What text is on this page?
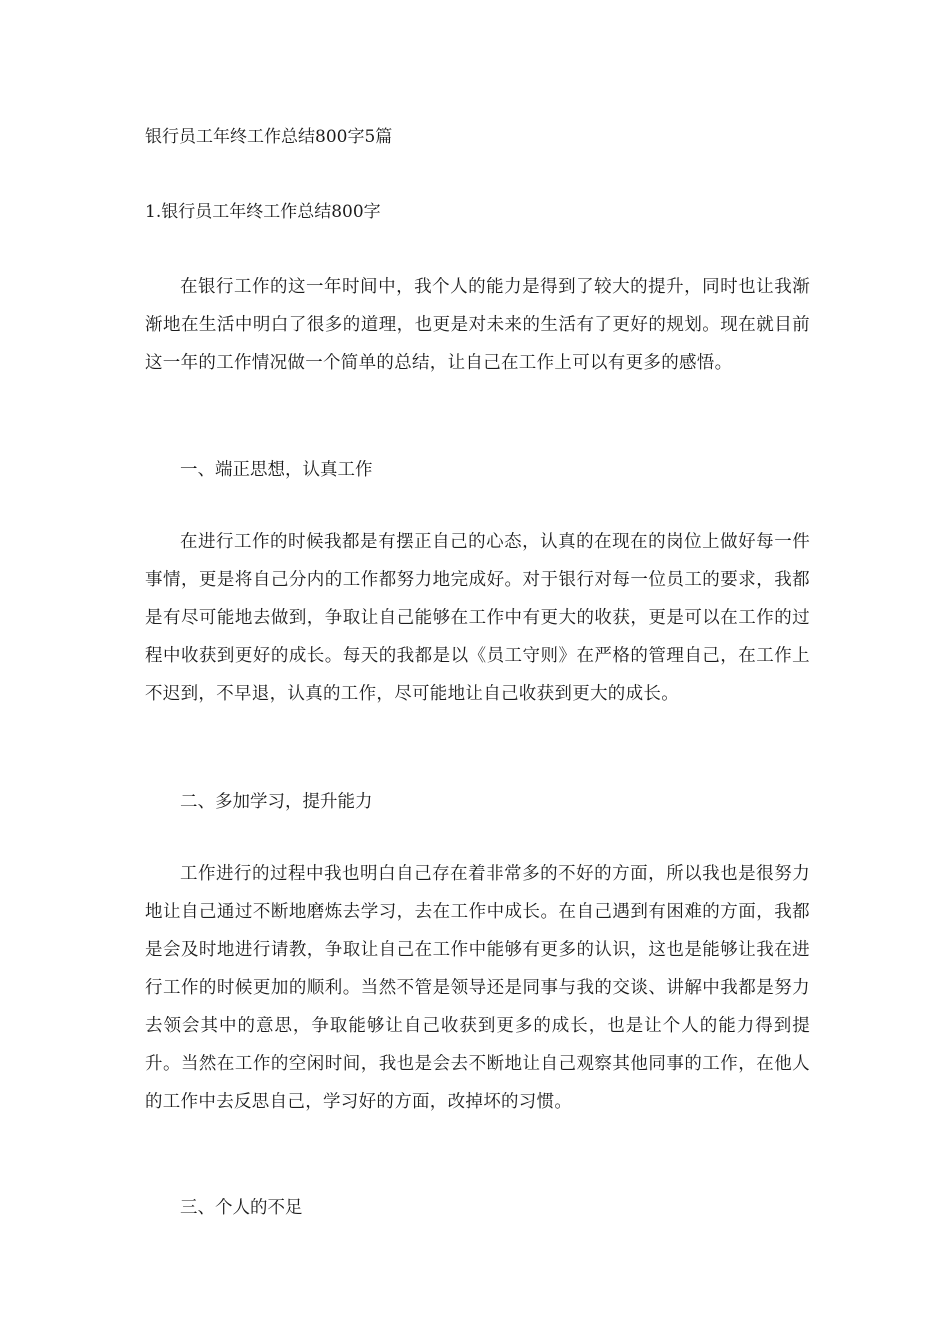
银行员工年终工作总结800字5篇
1.银行员工年终工作总结800字

在银行工作的这一年时间中，我个人的能力是得到了较大的提升，同时也让我渐渐地在生活中明白了很多的道理，也更是对未来的生活有了更好的规划。现在就目前这一年的工作情况做一个简单的总结，让自己在工作上可以有更多的感悟。

一、端正思想，认真工作

在进行工作的时候我都是有摆正自己的心态，认真的在现在的岗位上做好每一件事情，更是将自己分内的工作都努力地完成好。对于银行对每一位员工的要求，我都是有尽可能地去做到，争取让自己能够在工作中有更大的收获，更是可以在工作的过程中收获到更好的成长。每天的我都是以《员工守则》在严格的管理自己，在工作上不迟到，不早退，认真的工作，尽可能地让自己收获到更大的成长。

二、多加学习，提升能力

工作进行的过程中我也明白自己存在着非常多的不好的方面，所以我也是很努力地让自己通过不断地磨炼去学习，去在工作中成长。在自己遇到有困难的方面，我都是会及时地进行请教，争取让自己在工作中能够有更多的认识，这也是能够让我在进行工作的时候更加的顺利。当然不管是领导还是同事与我的交谈、讲解中我都是努力去领会其中的意思，争取能够让自己收获到更多的成长，也是让个人的能力得到提升。当然在工作的空闲时间，我也是会去不断地让自己观察其他同事的工作，在他人的工作中去反思自己，学习好的方面，改掉坏的习惯。

三、个人的不足
